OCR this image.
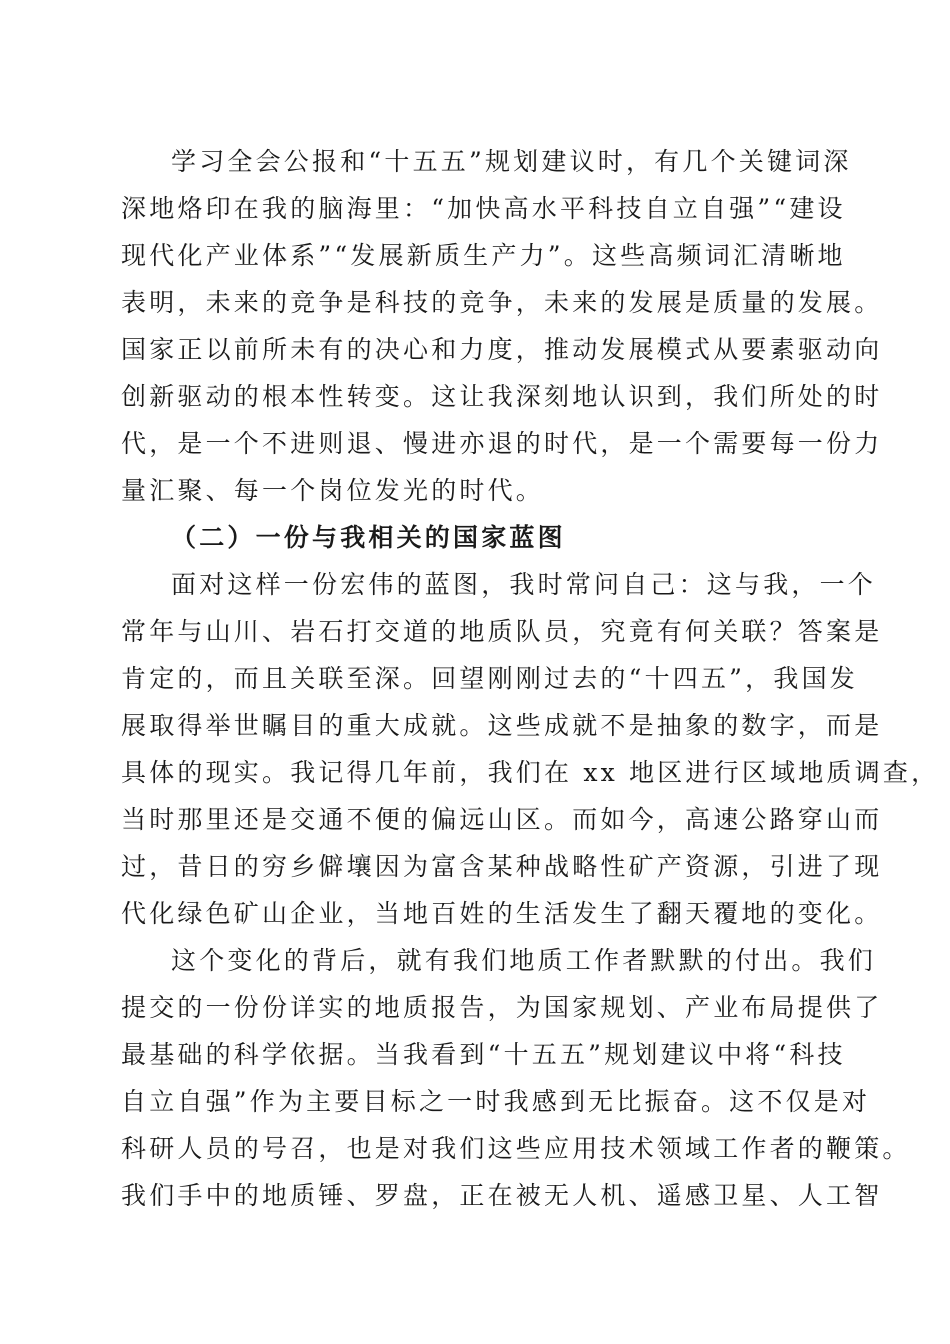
学习全会公报和“十五五”规划建议时，有几个关键词深
深地烙印在我的脑海里：“加快高水平科技自立自强”“建设
现代化产业体系”“发展新质生产力”。这些高频词汇清晰地
表明，未来的竞争是科技的竞争，未来的发展是质量的发展。
国家正以前所未有的决心和力度，推动发展模式从要素驱动向
创新驱动的根本性转变。这让我深刻地认识到，我们所处的时
代，是一个不进则退、慢进亦退的时代，是一个需要每一份力
量汇聚、每一个岗位发光的时代。
（二）一份与我相关的国家蓝图
面对这样一份宏伟的蓝图，我时常问自己：这与我，一个
常年与山川、岩石打交道的地质队员，究竟有何关联？答案是
肯定的，而且关联至深。回望刚刚过去的“十四五”，我国发
展取得举世瞩目的重大成就。这些成就不是抽象的数字，而是
具体的现实。我记得几年前，我们在 xx 地区进行区域地质调查，
当时那里还是交通不便的偏远山区。而如今，高速公路穿山而
过，昔日的穷乡僻壤因为富含某种战略性矿产资源，引进了现
代化绿色矿山企业，当地百姓的生活发生了翻天覆地的变化。
这个变化的背后，就有我们地质工作者默默的付出。我们
提交的一份份详实的地质报告，为国家规划、产业布局提供了
最基础的科学依据。当我看到“十五五”规划建议中将“科技
自立自强”作为主要目标之一时我感到无比振奋。这不仅是对
科研人员的号召，也是对我们这些应用技术领域工作者的鞭策。
我们手中的地质锤、罗盘，正在被无人机、遥感卫星、人工智
